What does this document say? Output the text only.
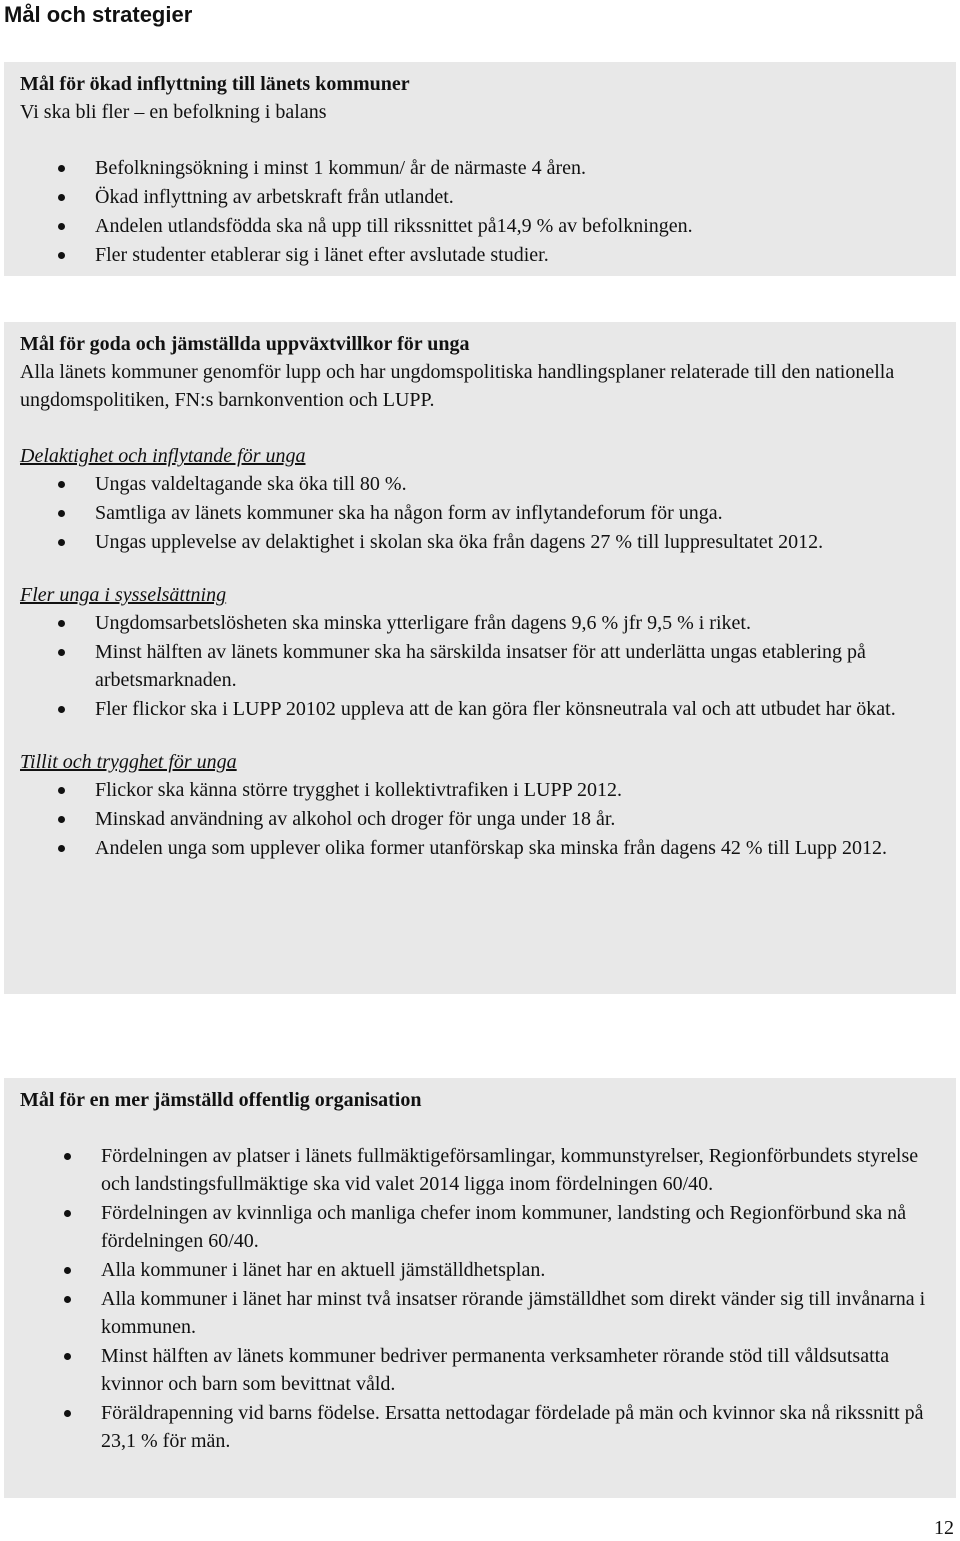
Mål och strategier

Mål för ökad inflyttning till länets kommuner

Vi ska bli fler – en befolkning i balans

Befolkningsökning i minst 1 kommun/ år de närmaste 4 åren.
Ökad inflyttning av arbetskraft från utlandet.
Andelen utlandsfödda ska nå upp till rikssnittet på14,9 % av befolkningen.
Fler studenter etablerar sig i länet efter avslutade studier.

Mål för goda och jämställda uppväxtvillkor för unga

Alla länets kommuner genomför lupp och har ungdomspolitiska handlingsplaner relaterade till den nationella ungdomspolitiken, FN:s barnkonvention och LUPP.

Delaktighet och inflytande för unga

Ungas valdeltagande ska öka till 80 %.
Samtliga av länets kommuner ska ha någon form av inflytandeforum för unga.
Ungas upplevelse av delaktighet i skolan ska öka från dagens 27 % till luppresultatet 2012.

Fler unga i sysselsättning

Ungdomsarbetslösheten ska minska ytterligare från dagens 9,6 % jfr 9,5 % i riket.
Minst hälften av länets kommuner ska ha särskilda insatser för att underlätta ungas etablering på arbetsmarknaden.
Fler flickor ska i LUPP 20102 uppleva att de kan göra fler könsneutrala val och att utbudet har ökat.

Tillit och trygghet för unga

Flickor ska känna större trygghet i kollektivtrafiken i LUPP 2012.
Minskad användning av alkohol och droger för unga under 18 år.
Andelen unga som upplever olika former utanförskap ska minska från dagens 42 % till Lupp 2012.

Mål för en mer jämställd offentlig organisation

Fördelningen av platser i länets fullmäktigeförsamlingar, kommunstyrelser, Regionförbundets styrelse och landstingsfullmäktige ska vid valet 2014 ligga inom fördelningen 60/40.
Fördelningen av kvinnliga och manliga chefer inom kommuner, landsting och Regionförbund ska nå fördelningen 60/40.
Alla kommuner i länet har en aktuell jämställdhetsplan.
Alla kommuner i länet har minst två insatser rörande jämställdhet som direkt vänder sig till invånarna i kommunen.
Minst hälften av länets kommuner bedriver permanenta verksamheter rörande stöd till våldsutsatta kvinnor och barn som bevittnat våld.
Föräldrapenning vid barns födelse. Ersatta nettodagar fördelade på män och kvinnor ska nå rikssnitt på 23,1 % för män.
12
